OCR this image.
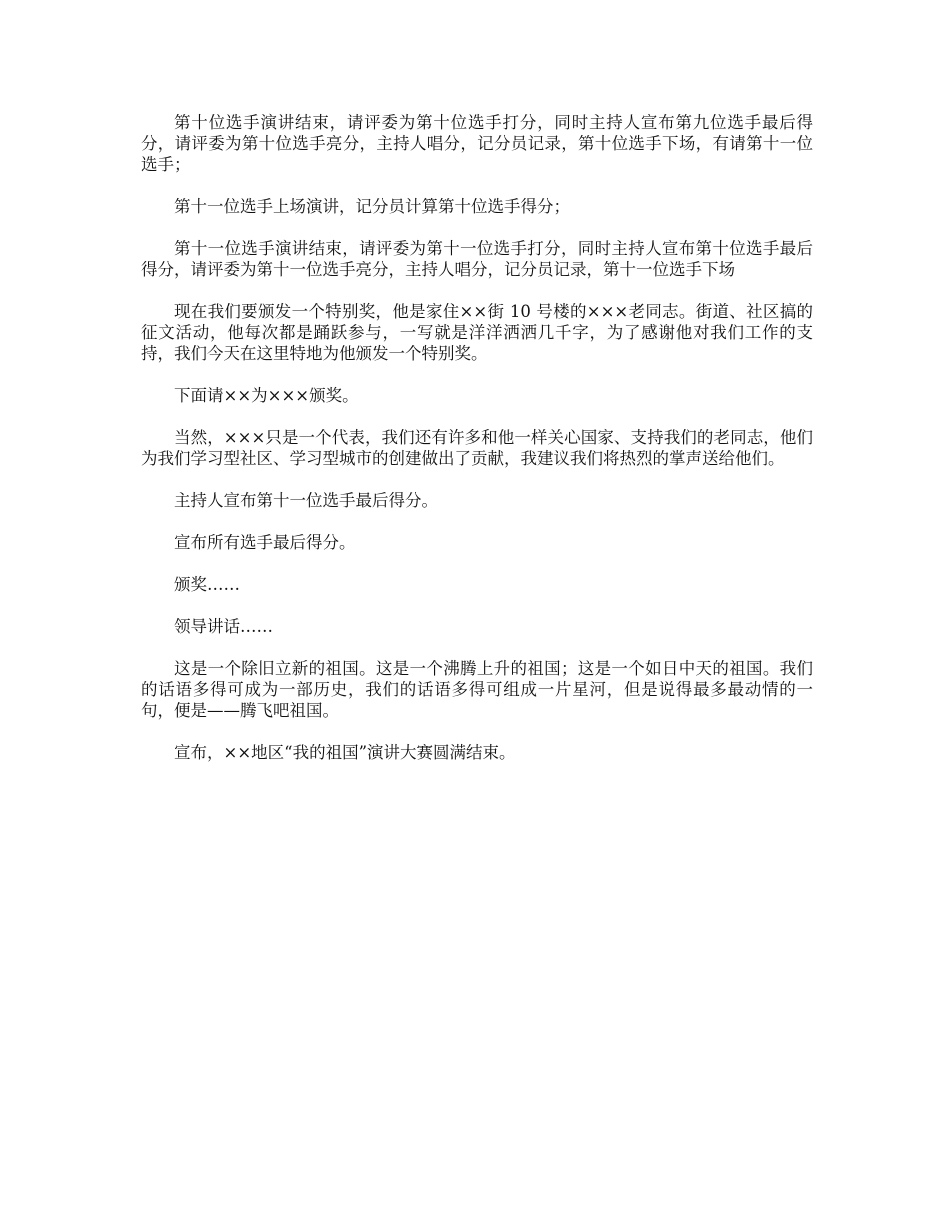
第十位选手演讲结束，请评委为第十位选手打分，同时主持人宣布第九位选手最后得分，请评委为第十位选手亮分，主持人唱分，记分员记录，第十位选手下场，有请第十一位选手；

第十一位选手上场演讲，记分员计算第十位选手得分；

第十一位选手演讲结束，请评委为第十一位选手打分，同时主持人宣布第十位选手最后得分，请评委为第十一位选手亮分，主持人唱分，记分员记录，第十一位选手下场

现在我们要颁发一个特别奖，他是家住××街 10 号楼的×××老同志。街道、社区搞的征文活动，他每次都是踊跃参与，一写就是洋洋洒洒几千字，为了感谢他对我们工作的支持，我们今天在这里特地为他颁发一个特别奖。

下面请××为×××颁奖。

当然，×××只是一个代表，我们还有许多和他一样关心国家、支持我们的老同志，他们为我们学习型社区、学习型城市的创建做出了贡献，我建议我们将热烈的掌声送给他们。

主持人宣布第十一位选手最后得分。

宣布所有选手最后得分。

颁奖……

领导讲话……

这是一个除旧立新的祖国。这是一个沸腾上升的祖国；这是一个如日中天的祖国。我们的话语多得可成为一部历史，我们的话语多得可组成一片星河，但是说得最多最动情的一句，便是——腾飞吧祖国。

宣布，××地区“我的祖国”演讲大赛圆满结束。
